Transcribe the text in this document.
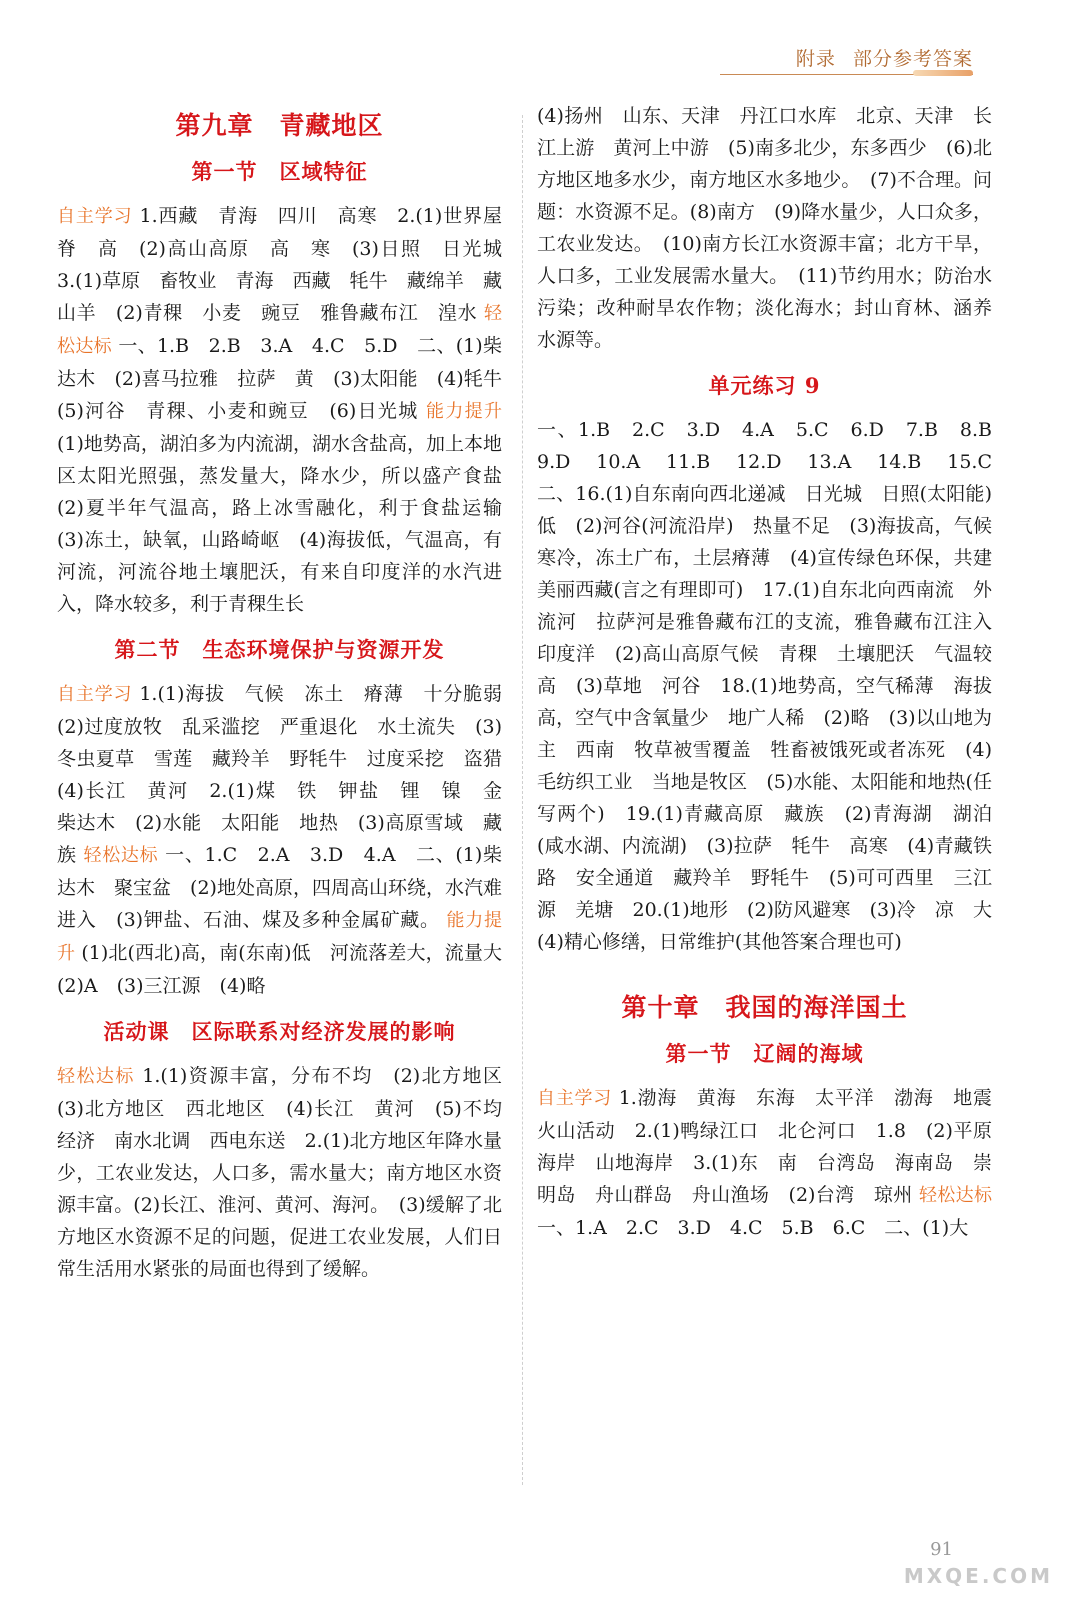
附录 部分参考答案
第九章　青藏地区
第一节　区域特征

自主学习 1.西藏　青海　四川　高寒　2.(1)世界屋脊　高　(2)高山高原　高　寒　(3)日照　日光城　3.(1)草原　畜牧业　青海　西藏　牦牛　藏绵羊　藏山羊　(2)青稞　小麦　豌豆　雅鲁藏布江　湟水 轻松达标 一、1.B　2.B　3.A　4.C　5.D　二、(1)柴达木　(2)喜马拉雅　拉萨　黄　(3)太阳能　(4)牦牛　(5)河谷　青稞、小麦和豌豆　(6)日光城 能力提升 (1)地势高，湖泊多为内流湖，湖水含盐高，加上本地区太阳光照强，蒸发量大，降水少，所以盛产食盐　(2)夏半年气温高，路上冰雪融化，利于食盐运输　(3)冻土，缺氧，山路崎岖　(4)海拔低，气温高，有河流，河流谷地土壤肥沃，有来自印度洋的水汽进入，降水较多，利于青稞生长

第二节　生态环境保护与资源开发

自主学习 1.(1)海拔　气候　冻土　瘠薄　十分脆弱　(2)过度放牧　乱采滥挖　严重退化　水土流失　(3)冬虫夏草　雪莲　藏羚羊　野牦牛　过度采挖　盗猎　(4)长江　黄河　2.(1)煤　铁　钾盐　锂　镍　金　柴达木　(2)水能　太阳能　地热　(3)高原雪域　藏族 轻松达标 一、1.C　2.A　3.D　4.A　二、(1)柴达木　聚宝盆　(2)地处高原，四周高山环绕，水汽难进入　(3)钾盐、石油、煤及多种金属矿藏。 能力提升 (1)北(西北)高，南(东南)低　河流落差大，流量大　(2)A　(3)三江源　(4)略

活动课　区际联系对经济发展的影响

轻松达标 1.(1)资源丰富，分布不均　(2)北方地区　(3)北方地区　西北地区　(4)长江　黄河　(5)不均　经济　南水北调　西电东送　2.(1)北方地区年降水量少，工农业发达，人口多，需水量大；南方地区水资源丰富。(2)长江、淮河、黄河、海河。　(3)缓解了北方地区水资源不足的问题，促进工农业发展，人们日常生活用水紧张的局面也得到了缓解。

(4)扬州　山东、天津　丹江口水库　北京、天津　长江上游　黄河上中游　(5)南多北少，东多西少　(6)北方地区地多水少，南方地区水多地少。　(7)不合理。问题：水资源不足。(8)南方　(9)降水量少，人口众多，工农业发达。　(10)南方长江水资源丰富；北方干旱，人口多，工业发展需水量大。　(11)节约用水；防治水污染；改种耐旱农作物；淡化海水；封山育林、涵养水源等。

单元练习 9

一、1.B　2.C　3.D　4.A　5.C　6.D　7.B　8.B　9.D　10.A　11.B　12.D　13.A　14.B　15.C　二、16.(1)自东南向西北递减　日光城　日照(太阳能)　低　(2)河谷(河流沿岸)　热量不足　(3)海拔高，气候寒冷，冻土广布，土层瘠薄　(4)宣传绿色环保，共建美丽西藏(言之有理即可)　17.(1)自东北向西南流　外流河　拉萨河是雅鲁藏布江的支流，雅鲁藏布江注入印度洋　(2)高山高原气候　青稞　土壤肥沃　气温较高　(3)草地　河谷　18.(1)地势高，空气稀薄　海拔高，空气中含氧量少　地广人稀　(2)略　(3)以山地为主　西南　牧草被雪覆盖　牲畜被饿死或者冻死　(4)毛纺织工业　当地是牧区　(5)水能、太阳能和地热(任写两个)　19.(1)青藏高原　藏族　(2)青海湖　湖泊(咸水湖、内流湖)　(3)拉萨　牦牛　高寒　(4)青藏铁路　安全通道　藏羚羊　野牦牛　(5)可可西里　三江源　羌塘　20.(1)地形　(2)防风避寒　(3)冷　凉　大　(4)精心修缮，日常维护(其他答案合理也可)

第十章　我国的海洋国土
第一节　辽阔的海域

自主学习 1.渤海　黄海　东海　太平洋　渤海　地震　火山活动　2.(1)鸭绿江口　北仑河口　1.8　(2)平原海岸　山地海岸　3.(1)东　南　台湾岛　海南岛　崇明岛　舟山群岛　舟山渔场　(2)台湾　琼州 轻松达标 一、1.A　2.C　3.D　4.C　5.B　6.C　二、(1)大

91
MXQE.COM
